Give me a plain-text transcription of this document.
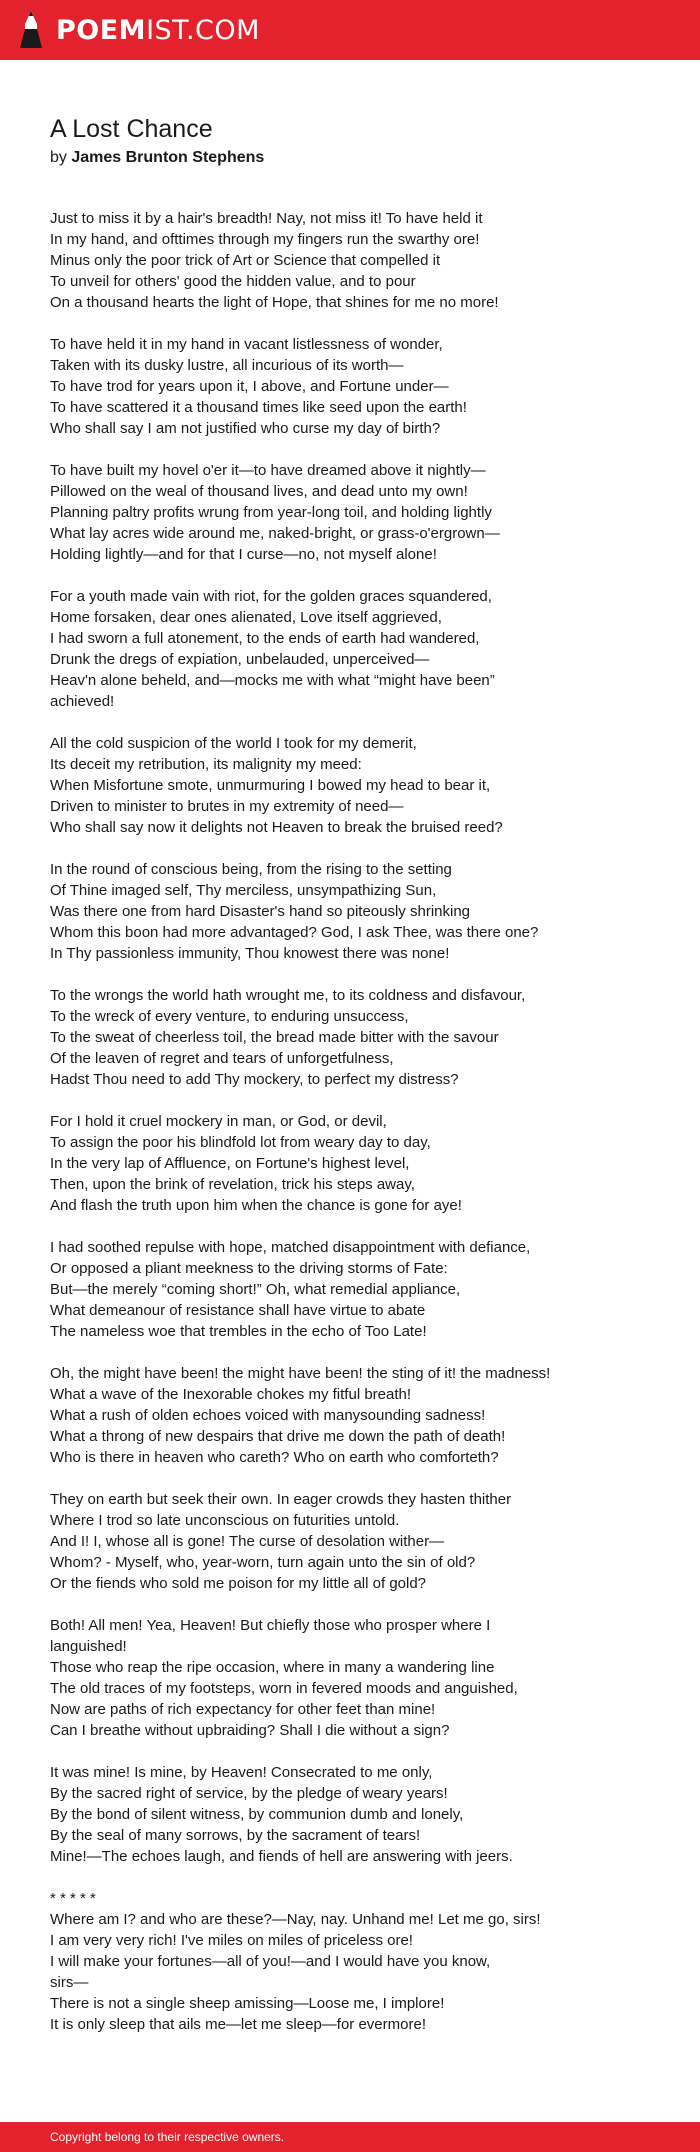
POEMIST.COM
A Lost Chance
by James Brunton Stephens
Just to miss it by a hair's breadth! Nay, not miss it! To have held it
In my hand, and ofttimes through my fingers run the swarthy ore!
Minus only the poor trick of Art or Science that compelled it
To unveil for others' good the hidden value, and to pour
On a thousand hearts the light of Hope, that shines for me no more!
To have held it in my hand in vacant listlessness of wonder,
Taken with its dusky lustre, all incurious of its worth—
To have trod for years upon it, I above, and Fortune under—
To have scattered it a thousand times like seed upon the earth!
Who shall say I am not justified who curse my day of birth?
To have built my hovel o'er it—to have dreamed above it nightly—
Pillowed on the weal of thousand lives, and dead unto my own!
Planning paltry profits wrung from year-long toil, and holding lightly
What lay acres wide around me, naked-bright, or grass-o'ergrown—
Holding lightly—and for that I curse—no, not myself alone!
For a youth made vain with riot, for the golden graces squandered,
Home forsaken, dear ones alienated, Love itself aggrieved,
I had sworn a full atonement, to the ends of earth had wandered,
Drunk the dregs of expiation, unbelauded, unperceived—
Heav'n alone beheld, and—mocks me with what “might have been”
achieved!
All the cold suspicion of the world I took for my demerit,
Its deceit my retribution, its malignity my meed:
When Misfortune smote, unmurmuring I bowed my head to bear it,
Driven to minister to brutes in my extremity of need—
Who shall say now it delights not Heaven to break the bruised reed?
In the round of conscious being, from the rising to the setting
Of Thine imaged self, Thy merciless, unsympathizing Sun,
Was there one from hard Disaster's hand so piteously shrinking
Whom this boon had more advantaged? God, I ask Thee, was there one?
In Thy passionless immunity, Thou knowest there was none!
To the wrongs the world hath wrought me, to its coldness and disfavour,
To the wreck of every venture, to enduring unsuccess,
To the sweat of cheerless toil, the bread made bitter with the savour
Of the leaven of regret and tears of unforgetfulness,
Hadst Thou need to add Thy mockery, to perfect my distress?
For I hold it cruel mockery in man, or God, or devil,
To assign the poor his blindfold lot from weary day to day,
In the very lap of Affluence, on Fortune's highest level,
Then, upon the brink of revelation, trick his steps away,
And flash the truth upon him when the chance is gone for aye!
I had soothed repulse with hope, matched disappointment with defiance,
Or opposed a pliant meekness to the driving storms of Fate:
But—the merely “coming short!” Oh, what remedial appliance,
What demeanour of resistance shall have virtue to abate
The nameless woe that trembles in the echo of Too Late!
Oh, the might have been! the might have been! the sting of it! the madness!
What a wave of the Inexorable chokes my fitful breath!
What a rush of olden echoes voiced with manysounding sadness!
What a throng of new despairs that drive me down the path of death!
Who is there in heaven who careth? Who on earth who comforteth?
They on earth but seek their own. In eager crowds they hasten thither
Where I trod so late unconscious on futurities untold.
And I! I, whose all is gone! The curse of desolation wither—
Whom? - Myself, who, year-worn, turn again unto the sin of old?
Or the fiends who sold me poison for my little all of gold?
Both! All men! Yea, Heaven! But chiefly those who prosper where I
languished!
Those who reap the ripe occasion, where in many a wandering line
The old traces of my footsteps, worn in fevered moods and anguished,
Now are paths of rich expectancy for other feet than mine!
Can I breathe without upbraiding? Shall I die without a sign?
It was mine! Is mine, by Heaven! Consecrated to me only,
By the sacred right of service, by the pledge of weary years!
By the bond of silent witness, by communion dumb and lonely,
By the seal of many sorrows, by the sacrament of tears!
Mine!—The echoes laugh, and fiends of hell are answering with jeers.
* * * * *
Where am I? and who are these?—Nay, nay. Unhand me! Let me go, sirs!
I am very very rich! I've miles on miles of priceless ore!
I will make your fortunes—all of you!—and I would have you know,
sirs—
There is not a single sheep amissing—Loose me, I implore!
It is only sleep that ails me—let me sleep—for evermore!
Copyright belong to their respective owners.
